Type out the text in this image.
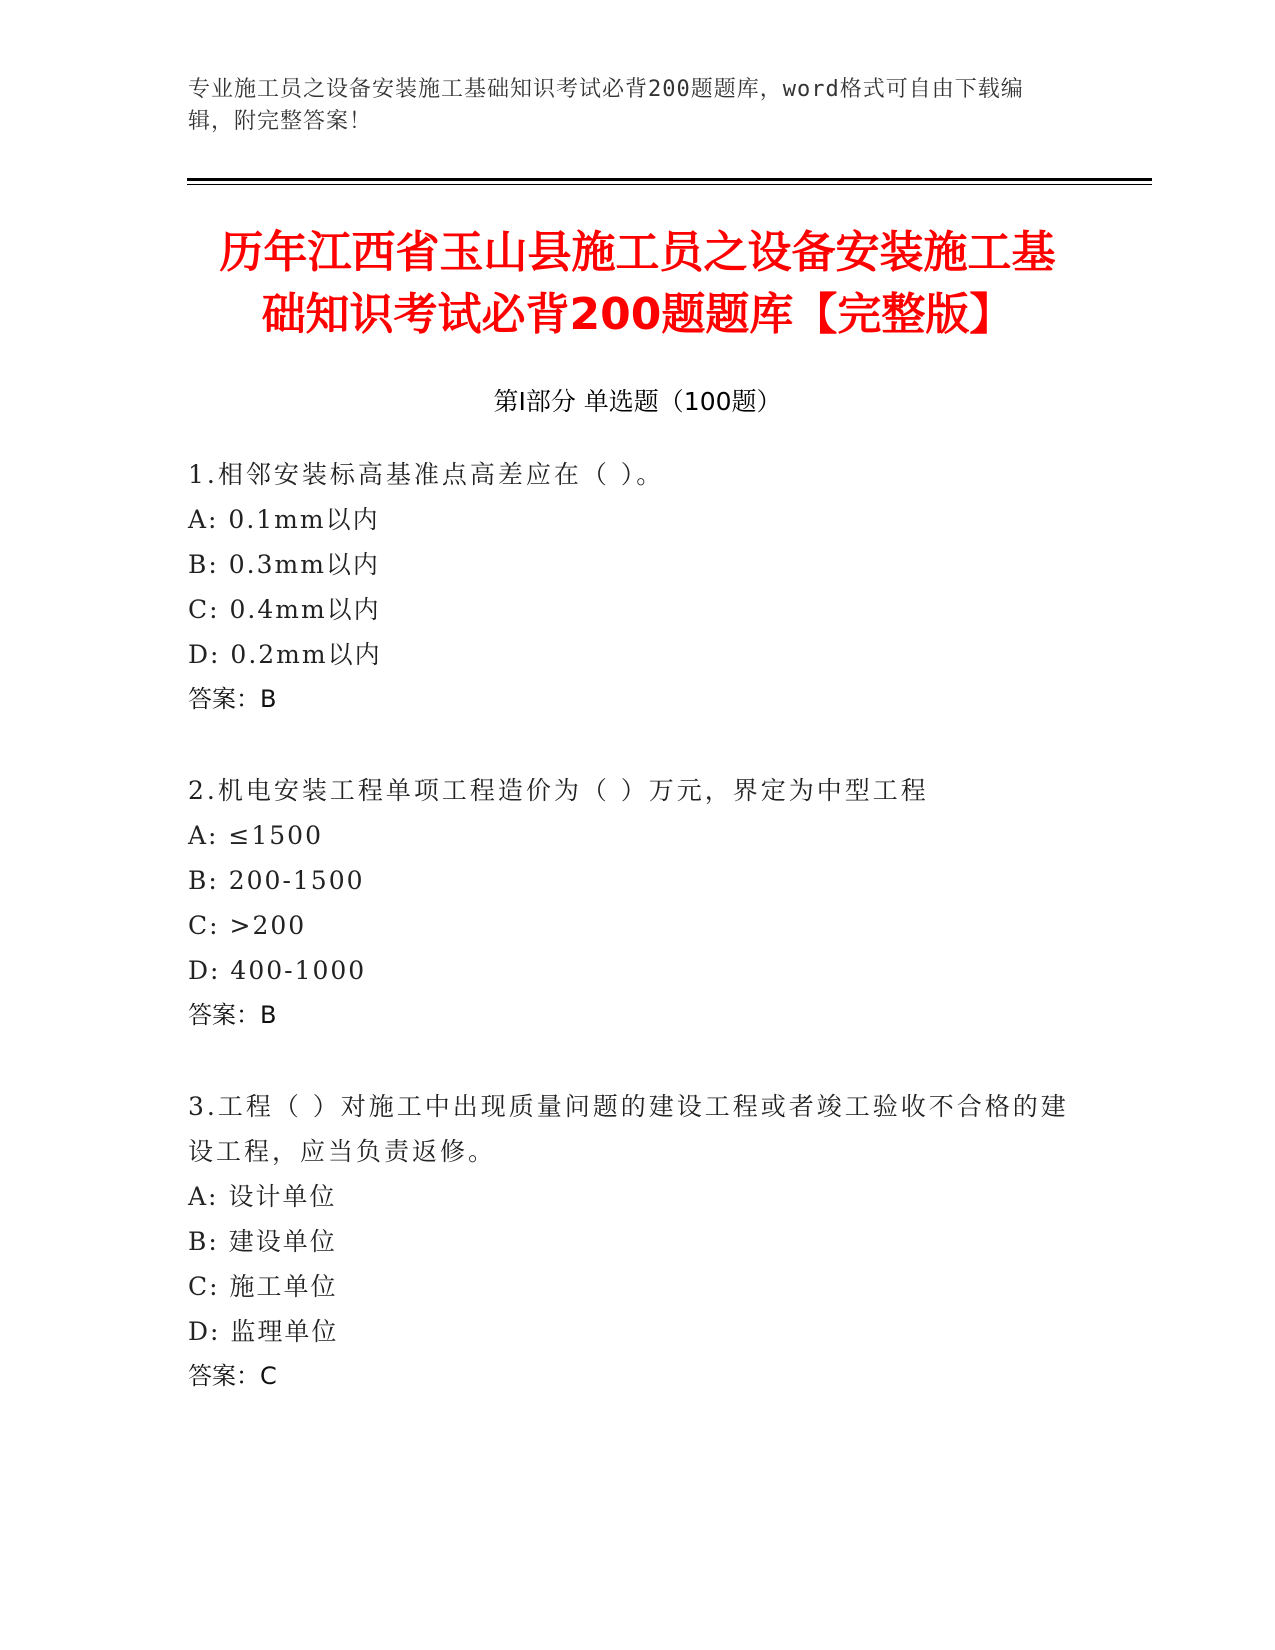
专业施工员之设备安装施工基础知识考试必背200题题库，word格式可自由下载编辑，附完整答案！
历年江西省玉山县施工员之设备安装施工基
础知识考试必背200题题库【完整版】
第Ⅰ部分 单选题（100题）
1.相邻安装标高基准点高差应在（ ）。
A: 0.1mm以内
B: 0.3mm以内
C: 0.4mm以内
D: 0.2mm以内
答案：B
2.机电安装工程单项工程造价为（ ）万元，界定为中型工程
A: ≤1500
B: 200-1500
C: >200
D: 400-1000
答案：B
3.工程（ ）对施工中出现质量问题的建设工程或者竣工验收不合格的建设工程，应当负责返修。
A: 设计单位
B: 建设单位
C: 施工单位
D: 监理单位
答案：C
